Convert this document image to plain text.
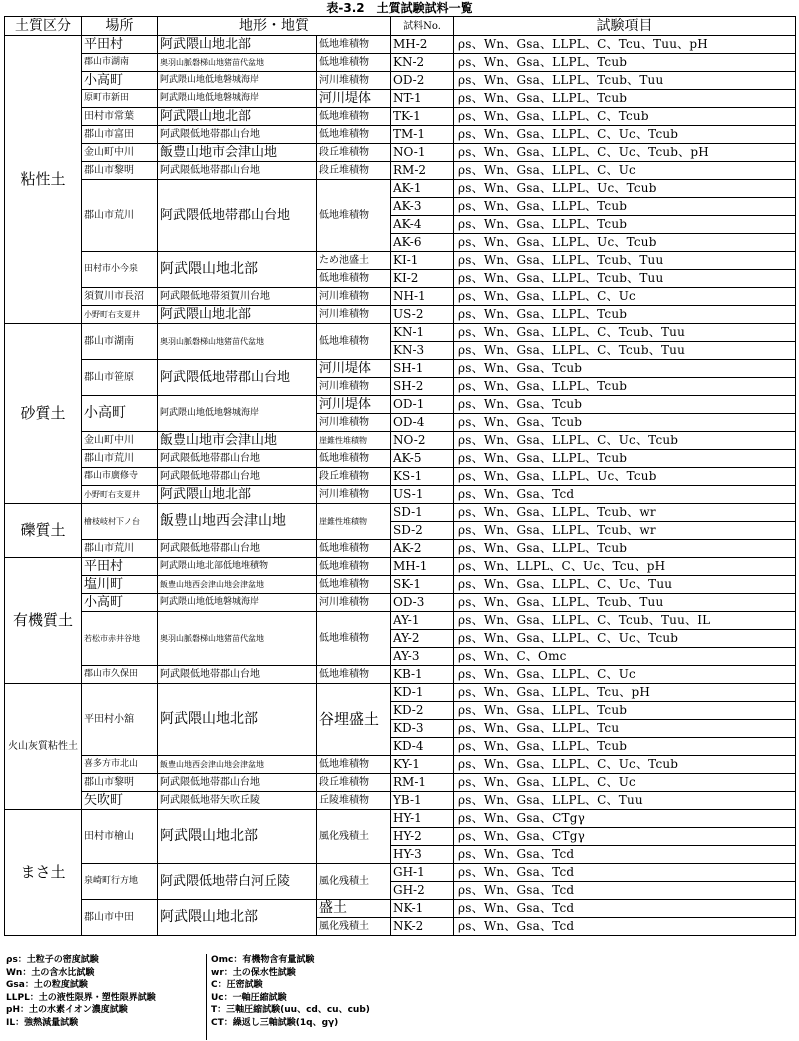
表-3.2　土質試験試料一覧
土質区分	場所	地形・地質		試料No.	試験項目
粘性土	平田村	阿武隈山地北部	低地堆積物	MH-2	ρs、Wn、Gsa、LLPL、C、Tcu、Tuu、pH
	郡山市湖南	奥羽山脈磐梯山地猪苗代盆地	低地堆積物	KN-2	ρs、Wn、Gsa、LLPL、Tcub
	小高町	阿武隈山地低地磐城海岸	河川堆積物	OD-2	ρs、Wn、Gsa、LLPL、Tcub、Tuu
	原町市新田	阿武隈山地低地磐城海岸	河川堤体	NT-1	ρs、Wn、Gsa、LLPL、Tcub
	田村市常葉	阿武隈山地北部	低地堆積物	TK-1	ρs、Wn、Gsa、LLPL、C、Tcub
	郡山市富田	阿武隈低地帯郡山台地	低地堆積物	TM-1	ρs、Wn、Gsa、LLPL、C、Uc、Tcub
	金山町中川	飯豊山地市会津山地	段丘堆積物	NO-1	ρs、Wn、Gsa、LLPL、C、Uc、Tcub、pH
	郡山市黎明	阿武隈低地帯郡山台地	段丘堆積物	RM-2	ρs、Wn、Gsa、LLPL、C、Uc
	郡山市荒川	阿武隈低地帯郡山台地	低地堆積物	AK-1	ρs、Wn、Gsa、LLPL、Uc、Tcub
				AK-3	ρs、Wn、Gsa、LLPL、Tcub
				AK-4	ρs、Wn、Gsa、LLPL、Tcub
				AK-6	ρs、Wn、Gsa、LLPL、Uc、Tcub
	田村市小今泉	阿武隈山地北部	ため池盛土	KI-1	ρs、Wn、Gsa、LLPL、Tcub、Tuu
			低地堆積物	KI-2	ρs、Wn、Gsa、LLPL、Tcub、Tuu
	須賀川市長沼	阿武隈低地帯須賀川台地	河川堆積物	NH-1	ρs、Wn、Gsa、LLPL、C、Uc
	小野町右支夏井	阿武隈山地北部	河川堆積物	US-2	ρs、Wn、Gsa、LLPL、Tcub
砂質土	郡山市湖南	奥羽山脈磐梯山地猪苗代盆地	低地堆積物	KN-1	ρs、Wn、Gsa、LLPL、C、Tcub、Tuu
				KN-3	ρs、Wn、Gsa、LLPL、C、Tcub、Tuu
	郡山市笹原	阿武隈低地帯郡山台地	河川堤体	SH-1	ρs、Wn、Gsa、Tcub
			河川堆積物	SH-2	ρs、Wn、Gsa、LLPL、Tcub
	小高町	阿武隈山地低地磐城海岸	河川堤体	OD-1	ρs、Wn、Gsa、Tcub
			河川堆積物	OD-4	ρs、Wn、Gsa、Tcub
	金山町中川	飯豊山地市会津山地	崖錐性堆積物	NO-2	ρs、Wn、Gsa、LLPL、C、Uc、Tcub
	郡山市荒川	阿武隈低地帯郡山台地	低地堆積物	AK-5	ρs、Wn、Gsa、LLPL、Tcub
	郡山市廣修寺	阿武隈低地帯郡山台地	段丘堆積物	KS-1	ρs、Wn、Gsa、LLPL、Uc、Tcub
	小野町右支夏井	阿武隈山地北部	河川堆積物	US-1	ρs、Wn、Gsa、Tcd
礫質土	檜枝岐村下ノ台	飯豊山地西会津山地	崖錐性堆積物	SD-1	ρs、Wn、Gsa、LLPL、Tcub、wr
				SD-2	ρs、Wn、Gsa、LLPL、Tcub、wr
	郡山市荒川	阿武隈低地帯郡山台地	低地堆積物	AK-2	ρs、Wn、Gsa、LLPL、Tcub
有機質土	平田村	阿武隈山地北部低地堆積物	低地堆積物	MH-1	ρs、Wn、LLPL、C、Uc、Tcu、pH
	塩川町	飯豊山地西会津山地会津盆地	低地堆積物	SK-1	ρs、Wn、Gsa、LLPL、C、Uc、Tuu
	小高町	阿武隈山地低地磐城海岸	河川堆積物	OD-3	ρs、Wn、Gsa、LLPL、Tcub、Tuu
	若松市赤井谷地	奥羽山脈磐梯山地猪苗代盆地	低地堆積物	AY-1	ρs、Wn、Gsa、LLPL、C、Tcub、Tuu、IL
				AY-2	ρs、Wn、Gsa、LLPL、C、Uc、Tcub
				AY-3	ρs、Wn、C、Omc
	郡山市久保田	阿武隈低地帯郡山台地	低地堆積物	KB-1	ρs、Wn、Gsa、LLPL、C、Uc
火山灰質粘性土	平田村小舘	阿武隈山地北部	谷埋盛土	KD-1	ρs、Wn、Gsa、LLPL、Tcu、pH
				KD-2	ρs、Wn、Gsa、LLPL、Tcub
				KD-3	ρs、Wn、Gsa、LLPL、Tcu
				KD-4	ρs、Wn、Gsa、LLPL、Tcub
	喜多方市北山	飯豊山地西会津山地会津盆地	低地堆積物	KY-1	ρs、Wn、Gsa、LLPL、C、Uc、Tcub
	郡山市黎明	阿武隈低地帯郡山台地	段丘堆積物	RM-1	ρs、Wn、Gsa、LLPL、C、Uc
	矢吹町	阿武隈低地帯矢吹丘陵	丘陵堆積物	YB-1	ρs、Wn、Gsa、LLPL、C、Tuu
まさ土	田村市檜山	阿武隈山地北部	風化残積土	HY-1	ρs、Wn、Gsa、CTgγ
				HY-2	ρs、Wn、Gsa、CTgγ
				HY-3	ρs、Wn、Gsa、Tcd
	泉崎町行方地	阿武隈低地帯白河丘陵	風化残積土	GH-1	ρs、Wn、Gsa、Tcd
				GH-2	ρs、Wn、Gsa、Tcd
	郡山市中田	阿武隈山地北部	盛土	NK-1	ρs、Wn、Gsa、Tcd
			風化残積土	NK-2	ρs、Wn、Gsa、Tcd
ρs：土粒子の密度試験
Wn：土の含水比試験
Gsa：土の粒度試験
LLPL：土の液性限界・塑性限界試験
pH：土の水素イオン濃度試験
IL：強熱減量試験
Omc：有機物含有量試験
wr：土の保水性試験
C：圧密試験
Uc：一軸圧縮試験
T：三軸圧縮試験(uu、cd、cu、cub)
CT：繰返し三軸試験(1q、gγ)
